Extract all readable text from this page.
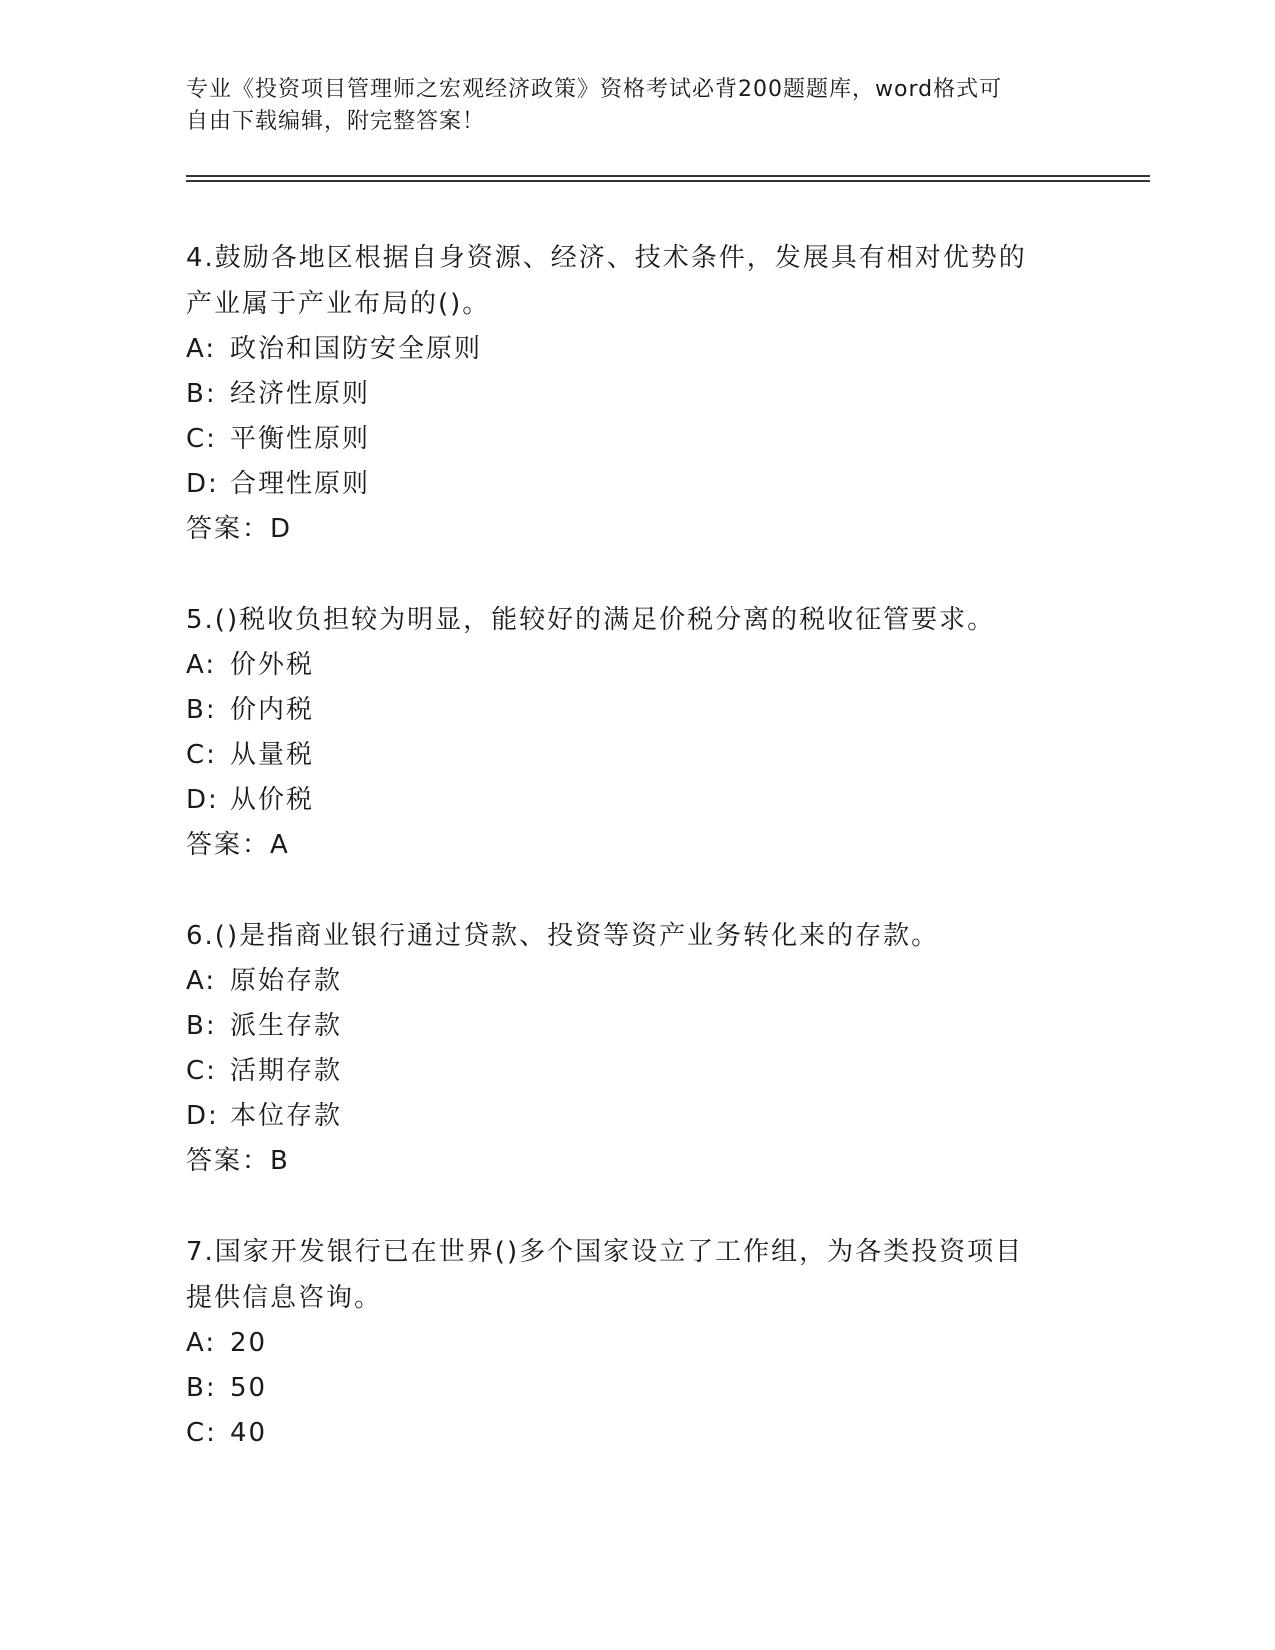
专业《投资项目管理师之宏观经济政策》资格考试必背200题题库，word格式可
自由下载编辑，附完整答案！
4.鼓励各地区根据自身资源、经济、技术条件，发展具有相对优势的
产业属于产业布局的()。
A: 政治和国防安全原则
B: 经济性原则
C: 平衡性原则
D: 合理性原则
答案：D
5.()税收负担较为明显，能较好的满足价税分离的税收征管要求。
A: 价外税
B: 价内税
C: 从量税
D: 从价税
答案：A
6.()是指商业银行通过贷款、投资等资产业务转化来的存款。
A: 原始存款
B: 派生存款
C: 活期存款
D: 本位存款
答案：B
7.国家开发银行已在世界()多个国家设立了工作组，为各类投资项目
提供信息咨询。
A: 20
B: 50
C: 40
